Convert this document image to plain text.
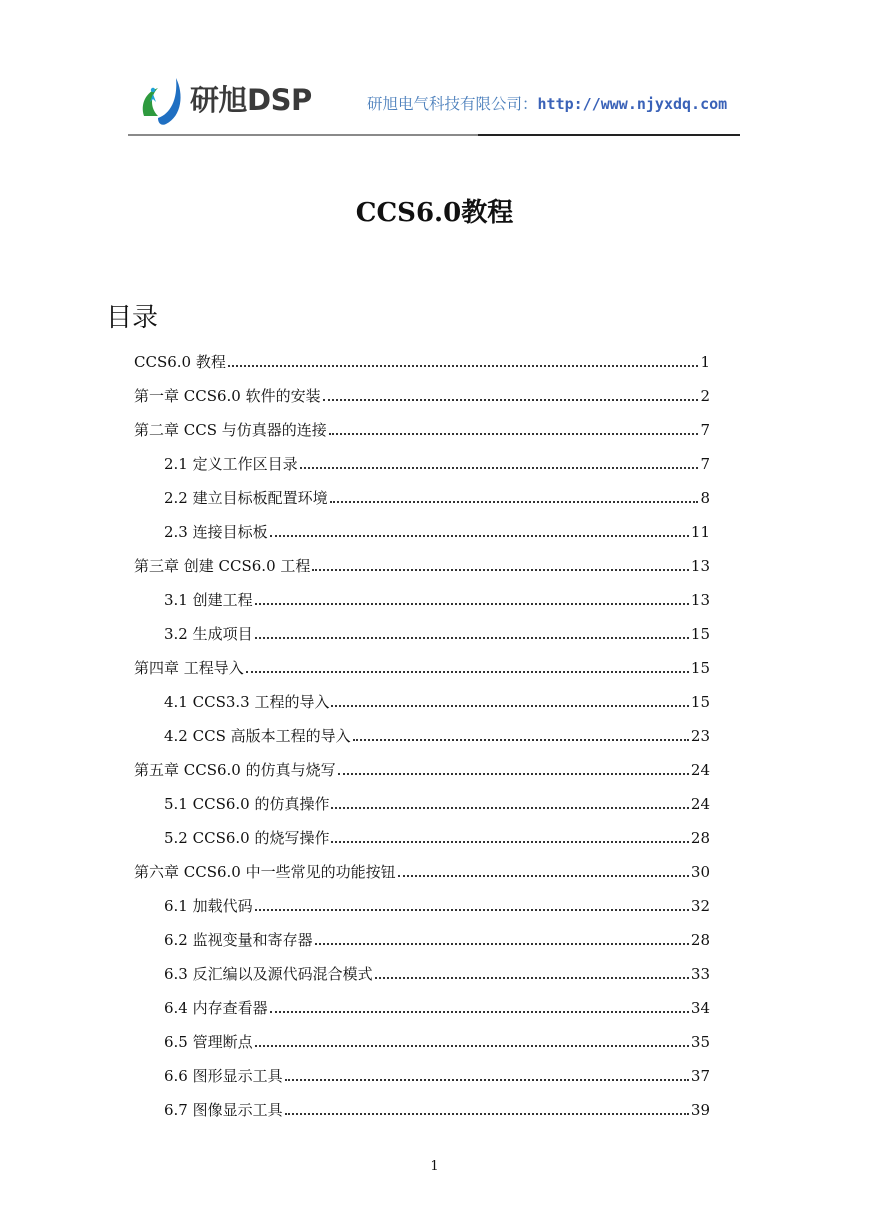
研旭DSP	研旭电气科技有限公司：http://www.njyxdq.com
CCS6.0教程
目录
CCS6.0 教程	1
第一章 CCS6.0 软件的安装	2
第二章 CCS 与仿真器的连接	7
2.1 定义工作区目录	7
2.2 建立目标板配置环境	8
2.3 连接目标板	11
第三章 创建 CCS6.0 工程	13
3.1 创建工程	13
3.2 生成项目	15
第四章 工程导入	15
4.1 CCS3.3 工程的导入	15
4.2 CCS 高版本工程的导入	23
第五章 CCS6.0 的仿真与烧写	24
5.1 CCS6.0 的仿真操作	24
5.2 CCS6.0 的烧写操作	28
第六章 CCS6.0 中一些常见的功能按钮	30
6.1 加载代码	32
6.2 监视变量和寄存器	28
6.3 反汇编以及源代码混合模式	33
6.4 内存查看器	34
6.5 管理断点	35
6.6 图形显示工具	37
6.7 图像显示工具	39
1
